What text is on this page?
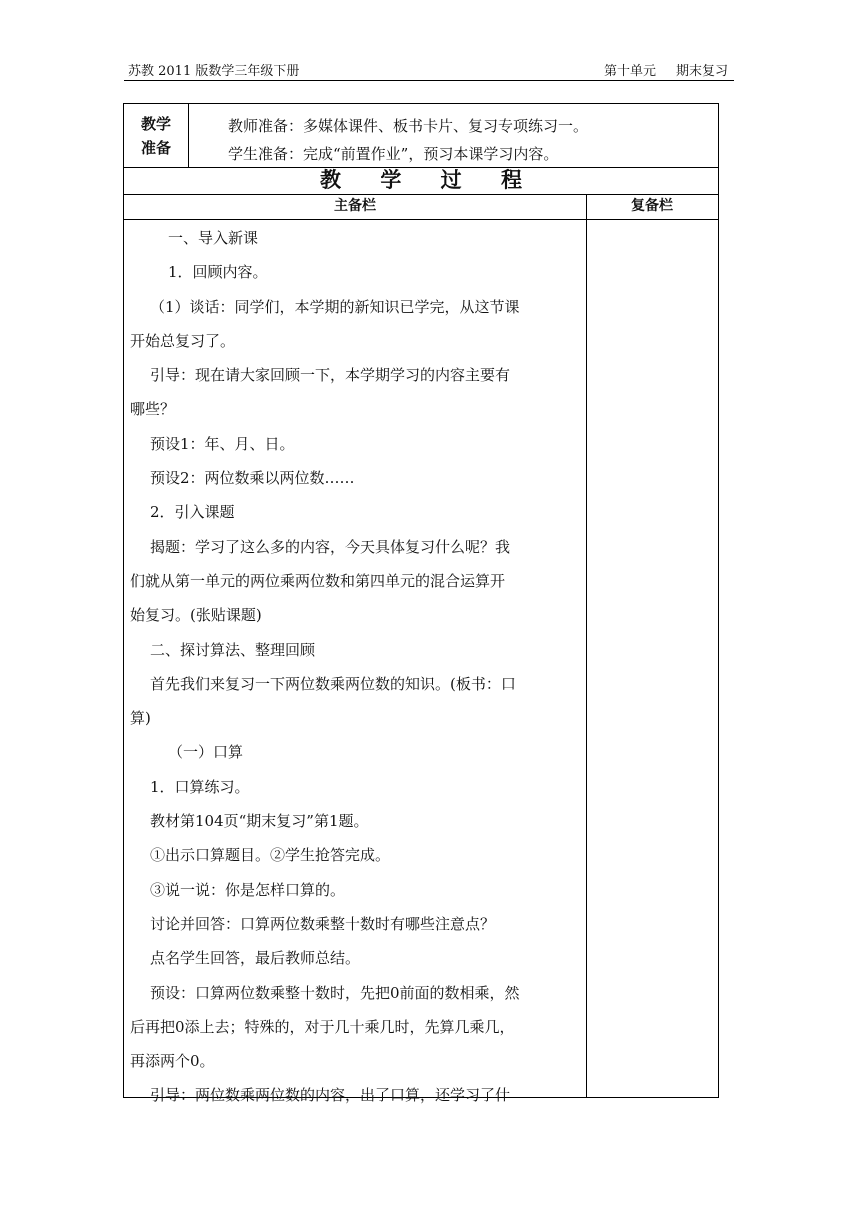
苏教 2011 版数学三年级下册	第十单元 期末复习
教学
准备
教师准备：多媒体课件、板书卡片、复习专项练习一。
学生准备：完成“前置作业”，预习本课学习内容。
教 学 过 程
主备栏	复备栏

一、导入新课

1．回顾内容。

（1）谈话：同学们，本学期的新知识已学完，从这节课

开始总复习了。

引导：现在请大家回顾一下，本学期学习的内容主要有

哪些？

预设1：年、月、日。

预设2：两位数乘以两位数……

2．引入课题

揭题：学习了这么多的内容，今天具体复习什么呢？我

们就从第一单元的两位乘两位数和第四单元的混合运算开

始复习。(张贴课题)

二、探讨算法、整理回顾

首先我们来复习一下两位数乘两位数的知识。(板书：口

算)

（一）口算

1．口算练习。

教材第104页“期末复习”第1题。

①出示口算题目。②学生抢答完成。

③说一说：你是怎样口算的。

讨论并回答：口算两位数乘整十数时有哪些注意点？

点名学生回答，最后教师总结。

预设：口算两位数乘整十数时，先把0前面的数相乘，然

后再把0添上去；特殊的，对于几十乘几时，先算几乘几，

再添两个0。

引导：两位数乘两位数的内容，出了口算，还学习了什
